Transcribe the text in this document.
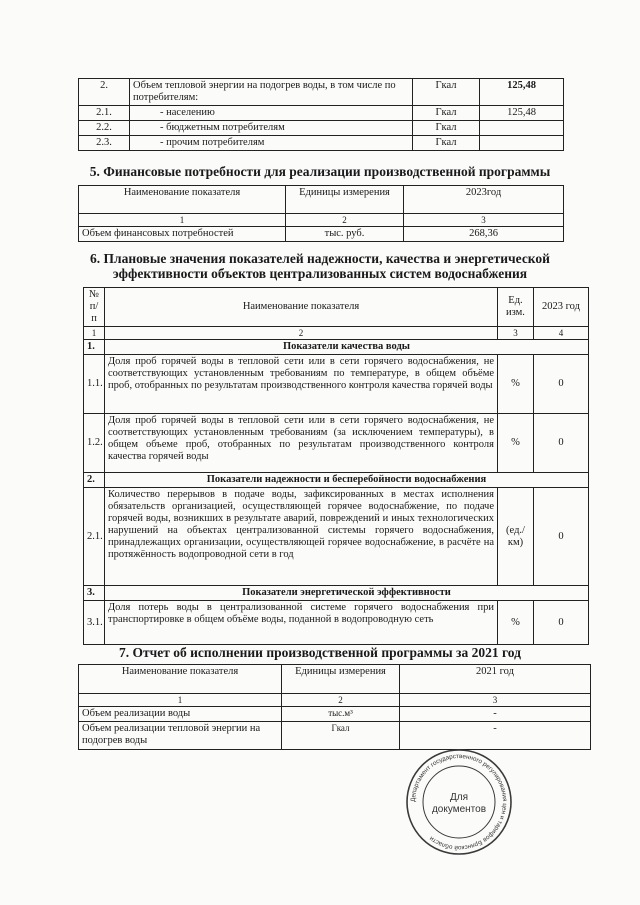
2.	Объем тепловой энергии на подогрев воды, в том числе по потребителям:	Гкал	125,48
2.1.	- населению	Гкал	125,48
2.2.	- бюджетным потребителям	Гкал	
2.3.	- прочим потребителям	Гкал	
5. Финансовые потребности для реализации производственной программы
Наименование показателя	Единицы измерения	2023год
1	2	3
Объем финансовых потребностей	тыс. руб.	268,36
6. Плановые значения показателей надежности, качества и энергетической
эффективности объектов централизованных систем водоснабжения
№ п/п	Наименование показателя	Ед. изм.	2023 год
1	2	3	4
1.	Показатели качества воды		
1.1.	Доля проб горячей воды в тепловой сети или в сети горячего водоснабжения, не соответствующих установленным требованиям по температуре, в общем объёме проб, отобранных по результатам производственного контроля качества горячей воды	%	0
1.2.	Доля проб горячей воды в тепловой сети или в сети горячего водоснабжения, не соответствующих установленным требованиям (за исключением температуры), в общем объеме проб, отобранных по результатам производственного контроля качества горячей воды	%	0
2.	Показатели надежности и бесперебойности водоснабжения		
2.1.	Количество перерывов в подаче воды, зафиксированных в местах исполнения обязательств организацией, осуществляющей горячее водоснабжение, по подаче горячей воды, возникших в результате аварий, повреждений и иных технологических нарушений на объектах централизованной системы горячего водоснабжения, принадлежащих организации, осуществляющей горячее водоснабжение, в расчёте на протяжённость водопроводной сети в год	(ед./км)	0
3.	Показатели энергетической эффективности		
3.1.	Доля потерь воды в централизованной системе горячего водоснабжения при транспортировке в общем объёме воды, поданной в водопроводную сеть	%	0
7. Отчет об исполнении производственной программы за 2021 год
Наименование показателя	Единицы измерения	2021 год
1	2	3
Объем реализации воды	тыс.м³	-
Объем реализации тепловой энергии на подогрев воды	Гкал	-
Департамент государственного регулирования цен и тарифов Брянской области
Для
документов
